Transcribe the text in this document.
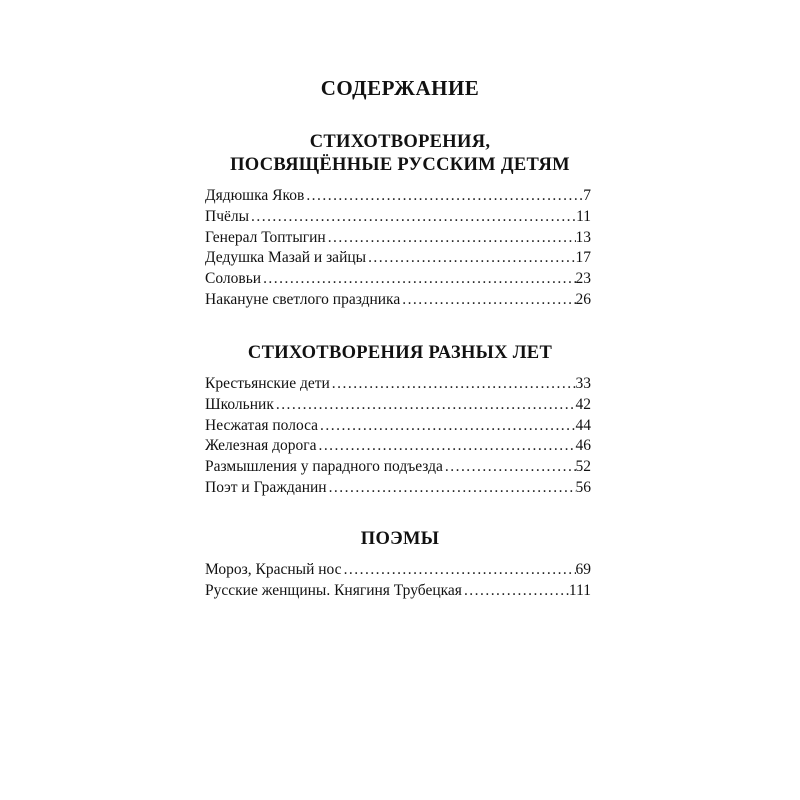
СОДЕРЖАНИЕ
СТИХОТВОРЕНИЯ,
ПОСВЯЩЁННЫЕ РУССКИМ ДЕТЯМ
Дядюшка Яков . . .	7
Пчёлы . . .	11
Генерал Топтыгин . . .	13
Дедушка Мазай и зайцы . . .	17
Соловьи . . .	23
Накануне светлого праздника . . .	26
СТИХОТВОРЕНИЯ РАЗНЫХ ЛЕТ
Крестьянские дети . . .	33
Школьник . . .	42
Несжатая полоса . . .	44
Железная дорога . . .	46
Размышления у парадного подъезда . . .	52
Поэт и Гражданин . . .	56
ПОЭМЫ
Мороз, Красный нос . . .	69
Русские женщины. Княгиня Трубецкая . . .	111
